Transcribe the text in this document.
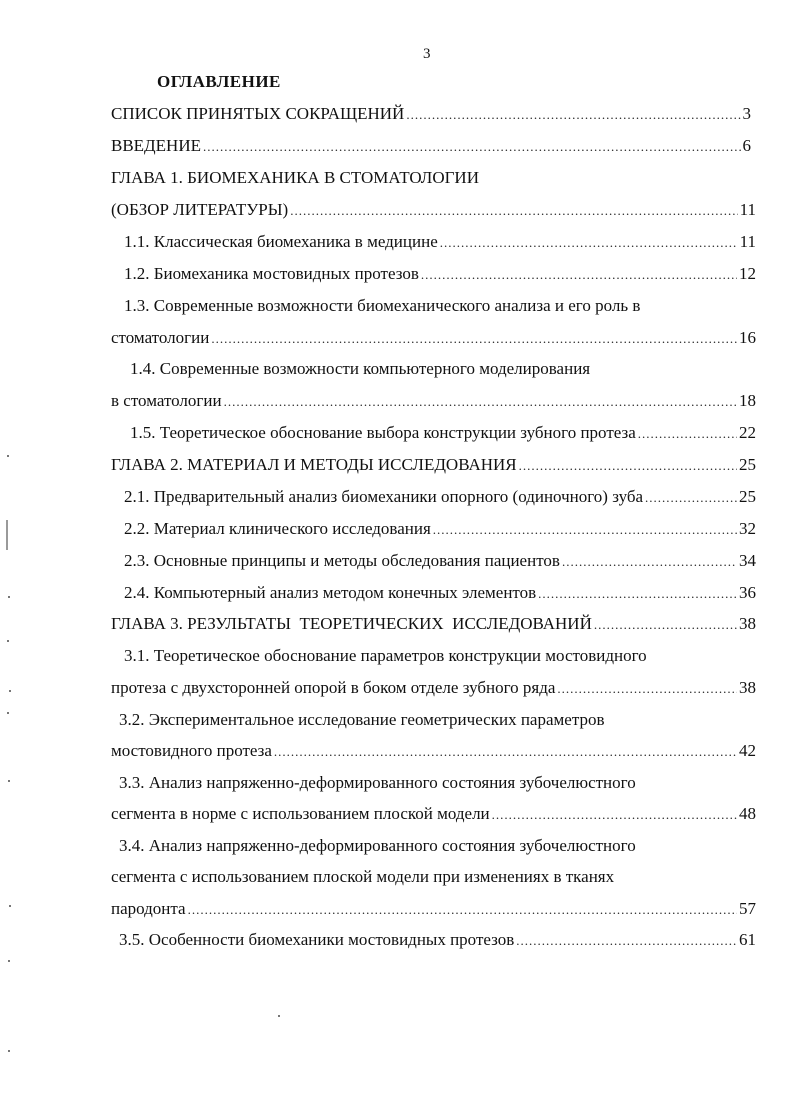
3
ОГЛАВЛЕНИЕ
СПИСОК ПРИНЯТЫХ СОКРАЩЕНИЙ .....	3
ВВЕДЕНИЕ .....	6
ГЛАВА 1. БИОМЕХАНИКА В СТОМАТОЛОГИИ
(ОБЗОР ЛИТЕРАТУРЫ) .....	11
1.1. Классическая биомеханика в медицине .....	11
1.2. Биомеханика мостовидных протезов .....	12
1.3. Современные возможности биомеханического анализа и его роль в
стоматологии .....	16
1.4. Современные возможности компьютерного моделирования
в стоматологии .....	18
1.5. Теоретическое обоснование выбора конструкции зубного протеза .....	22
ГЛАВА 2. МАТЕРИАЛ И МЕТОДЫ ИССЛЕДОВАНИЯ .....	25
2.1. Предварительный анализ биомеханики опорного (одиночного) зуба .....	25
2.2. Материал клинического исследования .....	32
2.3. Основные принципы и методы обследования пациентов .....	34
2.4. Компьютерный анализ методом конечных элементов .....	36
ГЛАВА 3. РЕЗУЛЬТАТЫ  ТЕОРЕТИЧЕСКИХ  ИССЛЕДОВАНИЙ .....	38
3.1. Теоретическое обоснование параметров конструкции мостовидного
протеза с двухсторонней опорой в боком отделе зубного ряда .....	38
3.2. Экспериментальное исследование геометрических параметров
мостовидного протеза .....	42
3.3. Анализ напряженно-деформированного состояния зубочелюстного
сегмента в норме с использованием плоской модели .....	48
3.4. Анализ напряженно-деформированного состояния зубочелюстного
сегмента с использованием плоской модели при изменениях в тканях
пародонта .....	57
3.5. Особенности биомеханики мостовидных протезов .....	61
